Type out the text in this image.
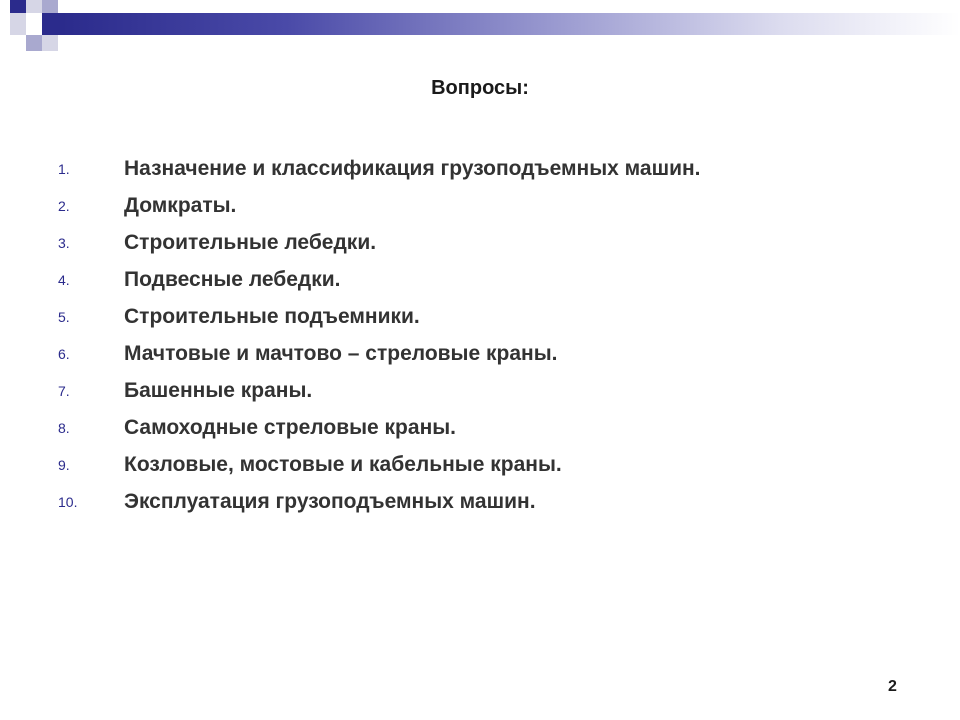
Вопросы:
1.	Назначение и классификация грузоподъемных машин.
2.	Домкраты.
3.	Строительные лебедки.
4.	Подвесные лебедки.
5.	Строительные подъемники.
6.	Мачтовые и мачтово – стреловые краны.
7.	Башенные краны.
8.	Самоходные стреловые краны.
9.	Козловые, мостовые и кабельные краны.
10.	Эксплуатация грузоподъемных машин.
2
